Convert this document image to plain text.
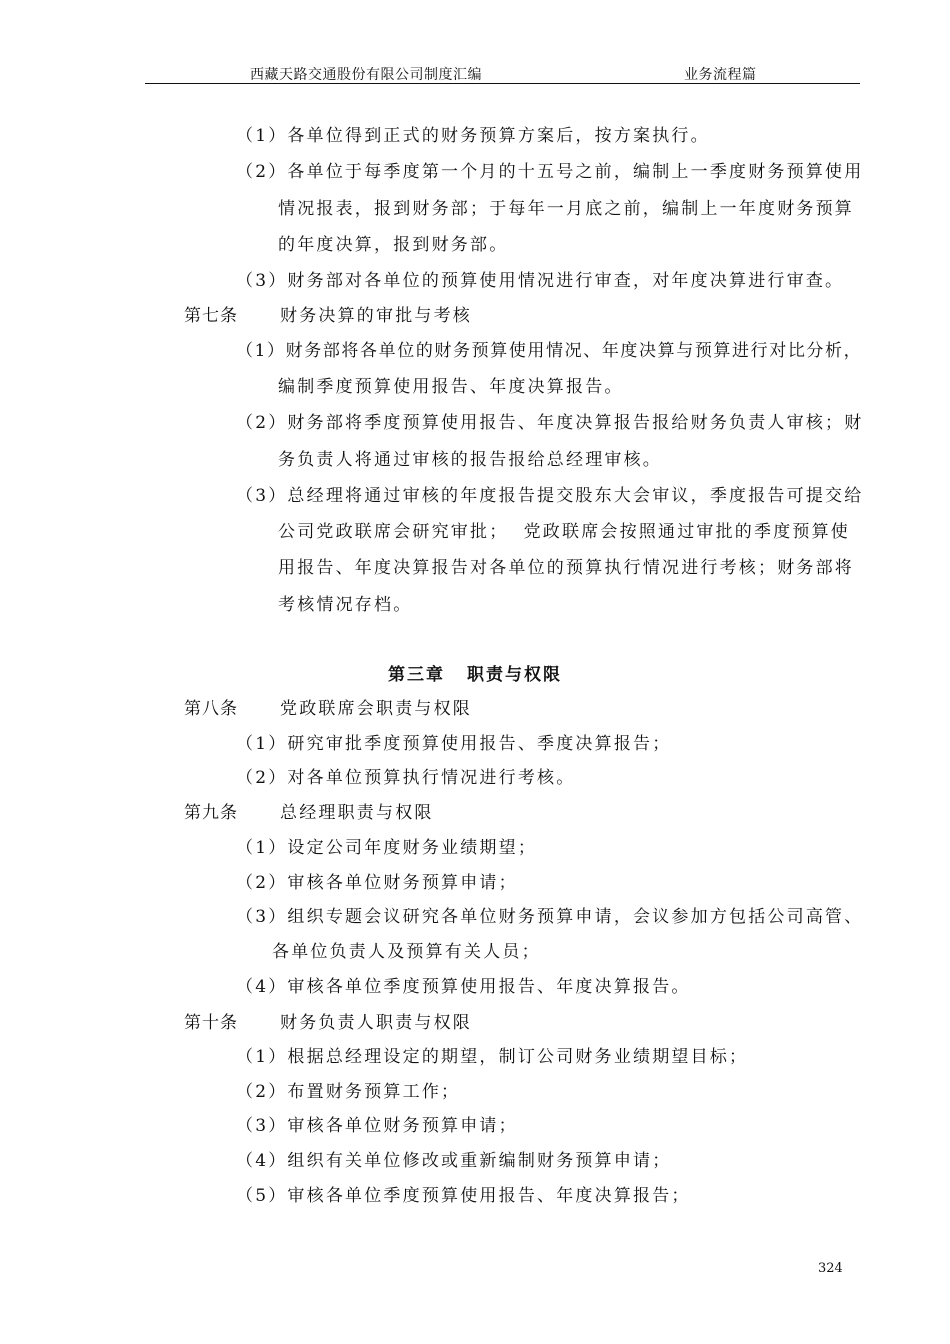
西藏天路交通股份有限公司制度汇编	业务流程篇
（1）各单位得到正式的财务预算方案后，按方案执行。
（2）各单位于每季度第一个月的十五号之前，编制上一季度财务预算使用
情况报表，报到财务部；于每年一月底之前，编制上一年度财务预算
的年度决算，报到财务部。
（3）财务部对各单位的预算使用情况进行审查，对年度决算进行审查。
第七条 财务决算的审批与考核
（1）财务部将各单位的财务预算使用情况、年度决算与预算进行对比分析，
编制季度预算使用报告、年度决算报告。
（2）财务部将季度预算使用报告、年度决算报告报给财务负责人审核；财
务负责人将通过审核的报告报给总经理审核。
（3）总经理将通过审核的年度报告提交股东大会审议，季度报告可提交给
公司党政联席会研究审批；  党政联席会按照通过审批的季度预算使
用报告、年度决算报告对各单位的预算执行情况进行考核；财务部将
考核情况存档。
第三章 职责与权限
第八条 党政联席会职责与权限
（1）研究审批季度预算使用报告、季度决算报告；
（2）对各单位预算执行情况进行考核。
第九条 总经理职责与权限
（1）设定公司年度财务业绩期望；
（2）审核各单位财务预算申请；
（3）组织专题会议研究各单位财务预算申请，会议参加方包括公司高管、
各单位负责人及预算有关人员；
（4）审核各单位季度预算使用报告、年度决算报告。
第十条 财务负责人职责与权限
（1）根据总经理设定的期望，制订公司财务业绩期望目标；
（2）布置财务预算工作；
（3）审核各单位财务预算申请；
（4）组织有关单位修改或重新编制财务预算申请；
（5）审核各单位季度预算使用报告、年度决算报告；
324
